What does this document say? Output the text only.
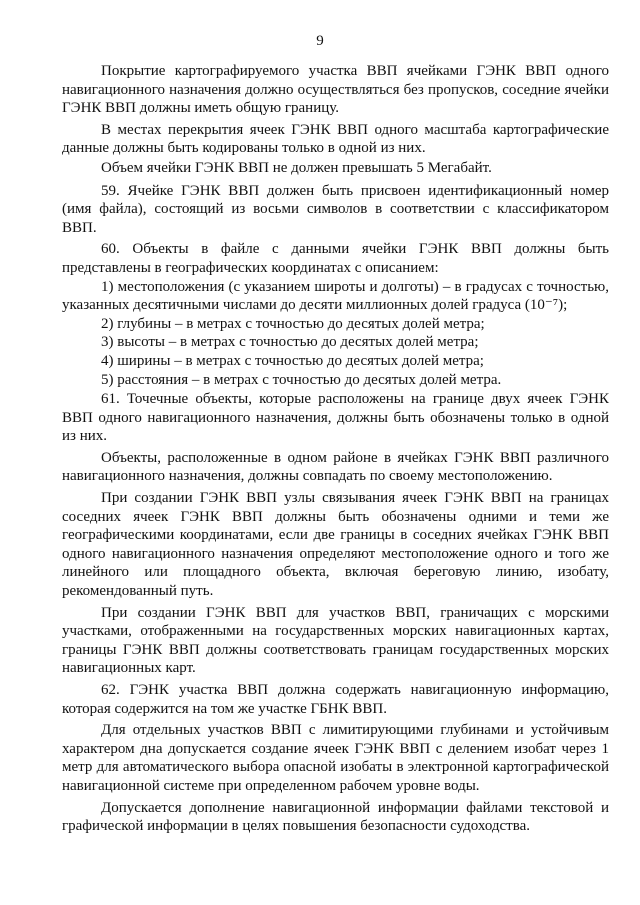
9

Покрытие картографируемого участка ВВП ячейками ГЭНК ВВП одного навигационного назначения должно осуществляться без пропусков, соседние ячейки ГЭНК ВВП должны иметь общую границу.

В местах перекрытия ячеек ГЭНК ВВП одного масштаба картографические данные должны быть кодированы только в одной из них.

Объем ячейки ГЭНК ВВП не должен превышать 5 Мегабайт.

59. Ячейке ГЭНК ВВП должен быть присвоен идентификационный номер (имя файла), состоящий из восьми символов в соответствии с классификатором ВВП.

60. Объекты в файле с данными ячейки ГЭНК ВВП должны быть представлены в географических координатах с описанием:

1) местоположения (с указанием широты и долготы) – в градусах с точностью, указанных десятичными числами до десяти миллионных долей градуса (10⁻⁷);

2) глубины – в метрах с точностью до десятых долей метра;

3) высоты – в метрах с точностью до десятых долей метра;

4) ширины – в метрах с точностью до десятых долей метра;

5) расстояния – в метрах с точностью до десятых долей метра.

61. Точечные объекты, которые расположены на границе двух ячеек ГЭНК ВВП одного навигационного назначения, должны быть обозначены только в одной из них.

Объекты, расположенные в одном районе в ячейках ГЭНК ВВП различного навигационного назначения, должны совпадать по своему местоположению.

При создании ГЭНК ВВП узлы связывания ячеек ГЭНК ВВП на границах соседних ячеек ГЭНК ВВП должны быть обозначены одними и теми же географическими координатами, если две границы в соседних ячейках ГЭНК ВВП одного навигационного назначения определяют местоположение одного и того же линейного или площадного объекта, включая береговую линию, изобату, рекомендованный путь.

При создании ГЭНК ВВП для участков ВВП, граничащих с морскими участками, отображенными на государственных морских навигационных картах, границы ГЭНК ВВП должны соответствовать границам государственных морских навигационных карт.

62. ГЭНК участка ВВП должна содержать навигационную информацию, которая содержится на том же участке ГБНК ВВП.

Для отдельных участков ВВП с лимитирующими глубинами и устойчивым характером дна допускается создание ячеек ГЭНК ВВП с делением изобат через 1 метр для автоматического выбора опасной изобаты в электронной картографической навигационной системе при определенном рабочем уровне воды.

Допускается дополнение навигационной информации файлами текстовой и графической информации в целях повышения безопасности судоходства.
